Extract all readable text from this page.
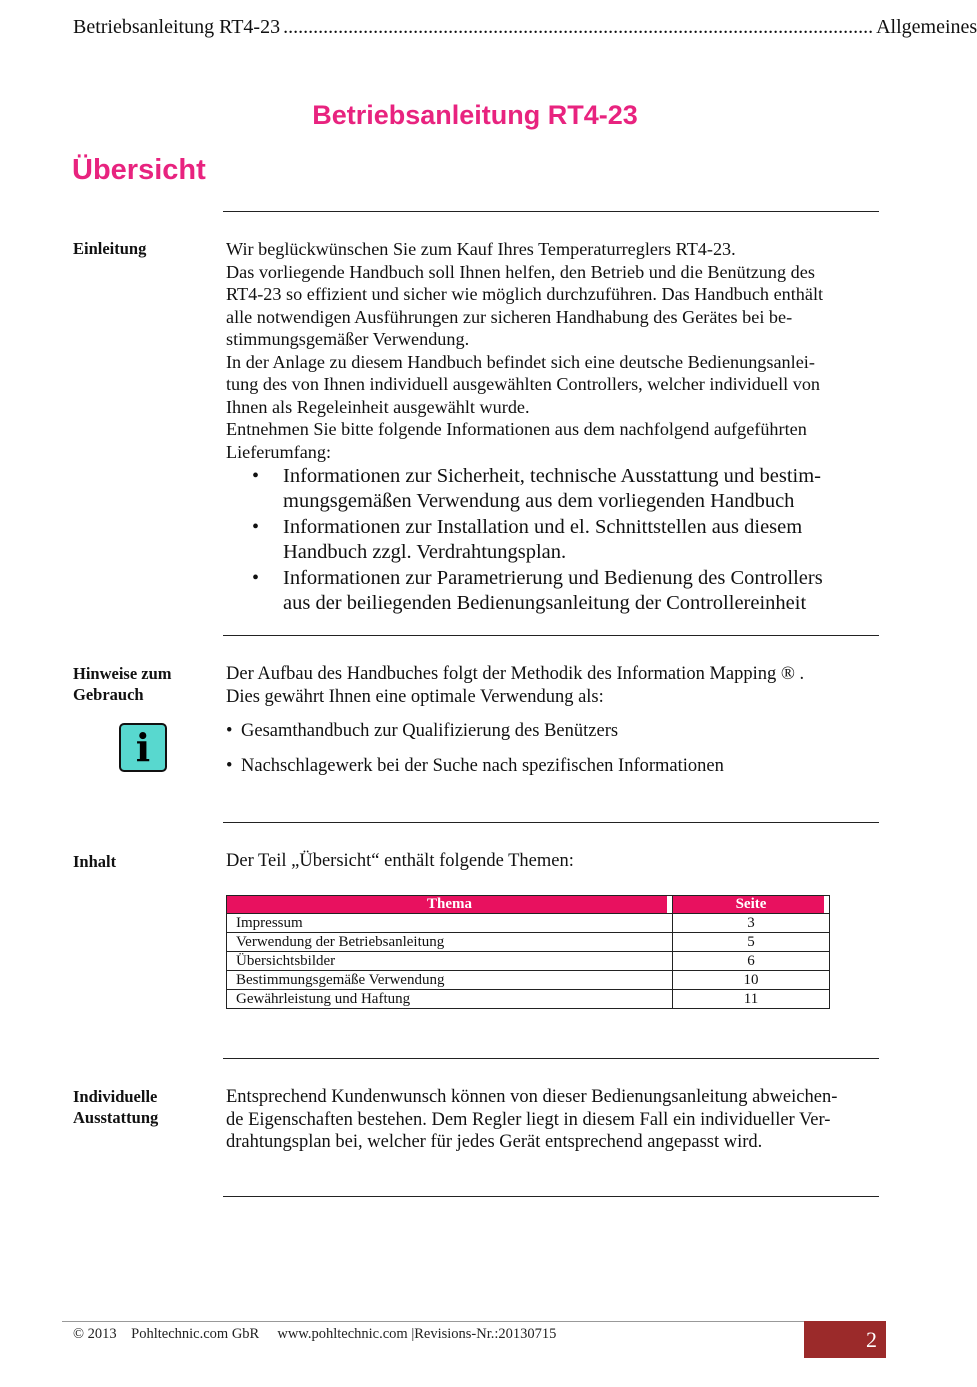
Betriebsanleitung RT4-23 ...................................................................................................................... Allgemeines
Betriebsanleitung RT4-23
Übersicht
Einleitung	Wir beglückwünschen Sie zum Kauf Ihres Temperaturreglers RT4-23.

Das vorliegende Handbuch soll Ihnen helfen, den Betrieb und die Benützung des

RT4-23 so effizient und sicher wie möglich durchzuführen. Das Handbuch enthält

alle notwendigen Ausführungen zur sicheren Handhabung des Gerätes bei be-

stimmungsgemäßer Verwendung.

In der Anlage zu diesem Handbuch befindet sich eine deutsche Bedienungsanlei-

tung des von Ihnen individuell ausgewählten Controllers, welcher individuell von

Ihnen als Regeleinheit ausgewählt wurde.

Entnehmen Sie bitte folgende Informationen aus dem nachfolgend aufgeführten

Lieferumfang:

• Informationen zur Sicherheit, technische Ausstattung und bestim-
mungsgemäßen Verwendung aus dem vorliegenden Handbuch
• Informationen zur Installation und el. Schnittstellen aus diesem
Handbuch zzgl. Verdrahtungsplan.
• Informationen zur Parametrierung und Bedienung des Controllers
aus der beiliegenden Bedienungsanleitung der Controllereinheit
Hinweise zum
Gebrauch
i
Der Aufbau des Handbuches folgt der Methodik des Information Mapping ® .
Dies gewährt Ihnen eine optimale Verwendung als:
• Gesamthandbuch zur Qualifizierung des Benützers
• Nachschlagewerk bei der Suche nach spezifischen Informationen
Inhalt	Der Teil „Übersicht“ enthält folgende Themen:
Thema	Seite
Impressum	3
Verwendung der Betriebsanleitung	5
Übersichtsbilder	6
Bestimmungsgemäße Verwendung	10
Gewährleistung und Haftung	11
Individuelle
Ausstattung
Entsprechend Kundenwunsch können von dieser Bedienungsanleitung abweichen-
de Eigenschaften bestehen. Dem Regler liegt in diesem Fall ein individueller Ver-
drahtungsplan bei, welcher für jedes Gerät entsprechend angepasst wird.
© 2013 Pohltechnic.com GbR www.pohltechnic.com |Revisions-Nr.:20130715	2
